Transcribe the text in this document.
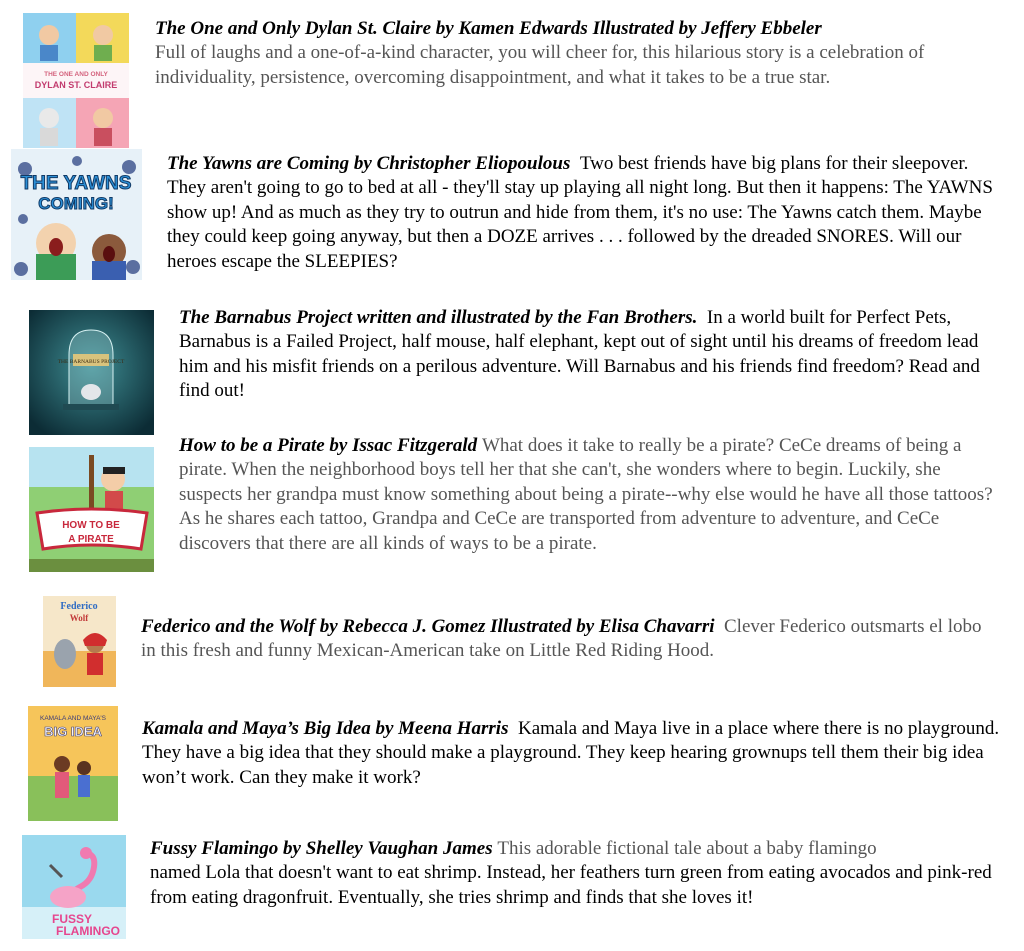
THE ONE AND ONLY
DYLAN ST. CLAIRE
The One and Only Dylan St. Claire by Kamen Edwards Illustrated by Jeffery Ebbeler
Full of laughs and a one-of-a-kind character, you will cheer for, this hilarious story is a celebration of individuality, persistence, overcoming disappointment, and what it takes to be a true star.
THE YAWNS
COMING!
The Yawns are Coming by Christopher Eliopoulous Two best friends have big plans for their sleepover. They aren't going to go to bed at all - they'll stay up playing all night long. But then it happens: The YAWNS show up! And as much as they try to outrun and hide from them, it's no use: The Yawns catch them. Maybe they could keep going anyway, but then a DOZE arrives . . . followed by the dreaded SNORES. Will our heroes escape the SLEEPIES?
THE BARNABUS PROJECT
The Barnabus Project written and illustrated by the Fan Brothers. In a world built for Perfect Pets, Barnabus is a Failed Project, half mouse, half elephant, kept out of sight until his dreams of freedom lead him and his misfit friends on a perilous adventure. Will Barnabus and his friends find freedom? Read and find out!
HOW TO BE
A PIRATE
How to be a Pirate by Issac Fitzgerald What does it take to really be a pirate? CeCe dreams of being a pirate. When the neighborhood boys tell her that she can't, she wonders where to begin. Luckily, she suspects her grandpa must know something about being a pirate--why else would he have all those tattoos? As he shares each tattoo, Grandpa and CeCe are transported from adventure to adventure, and CeCe discovers that there are all kinds of ways to be a pirate.
Federico
Wolf	Federico and the Wolf by Rebecca J. Gomez Illustrated by Elisa Chavarri Clever Federico outsmarts el lobo in this fresh and funny Mexican-American take on Little Red Riding Hood.
KAMALA AND MAYA'S
BIG IDEA Kamala and Maya’s Big Idea by Meena Harris Kamala and Maya live in a place where there is no playground. They have a big idea that they should make a playground. They keep hearing grownups tell them their big idea won’t work. Can they make it work?
FUSSY
FLAMINGO
Fussy Flamingo by Shelley Vaughan James This adorable fictional tale about a baby flamingo
named Lola that doesn't want to eat shrimp. Instead, her feathers turn green from eating avocados and pink-red from eating dragonfruit. Eventually, she tries shrimp and finds that she loves it!
